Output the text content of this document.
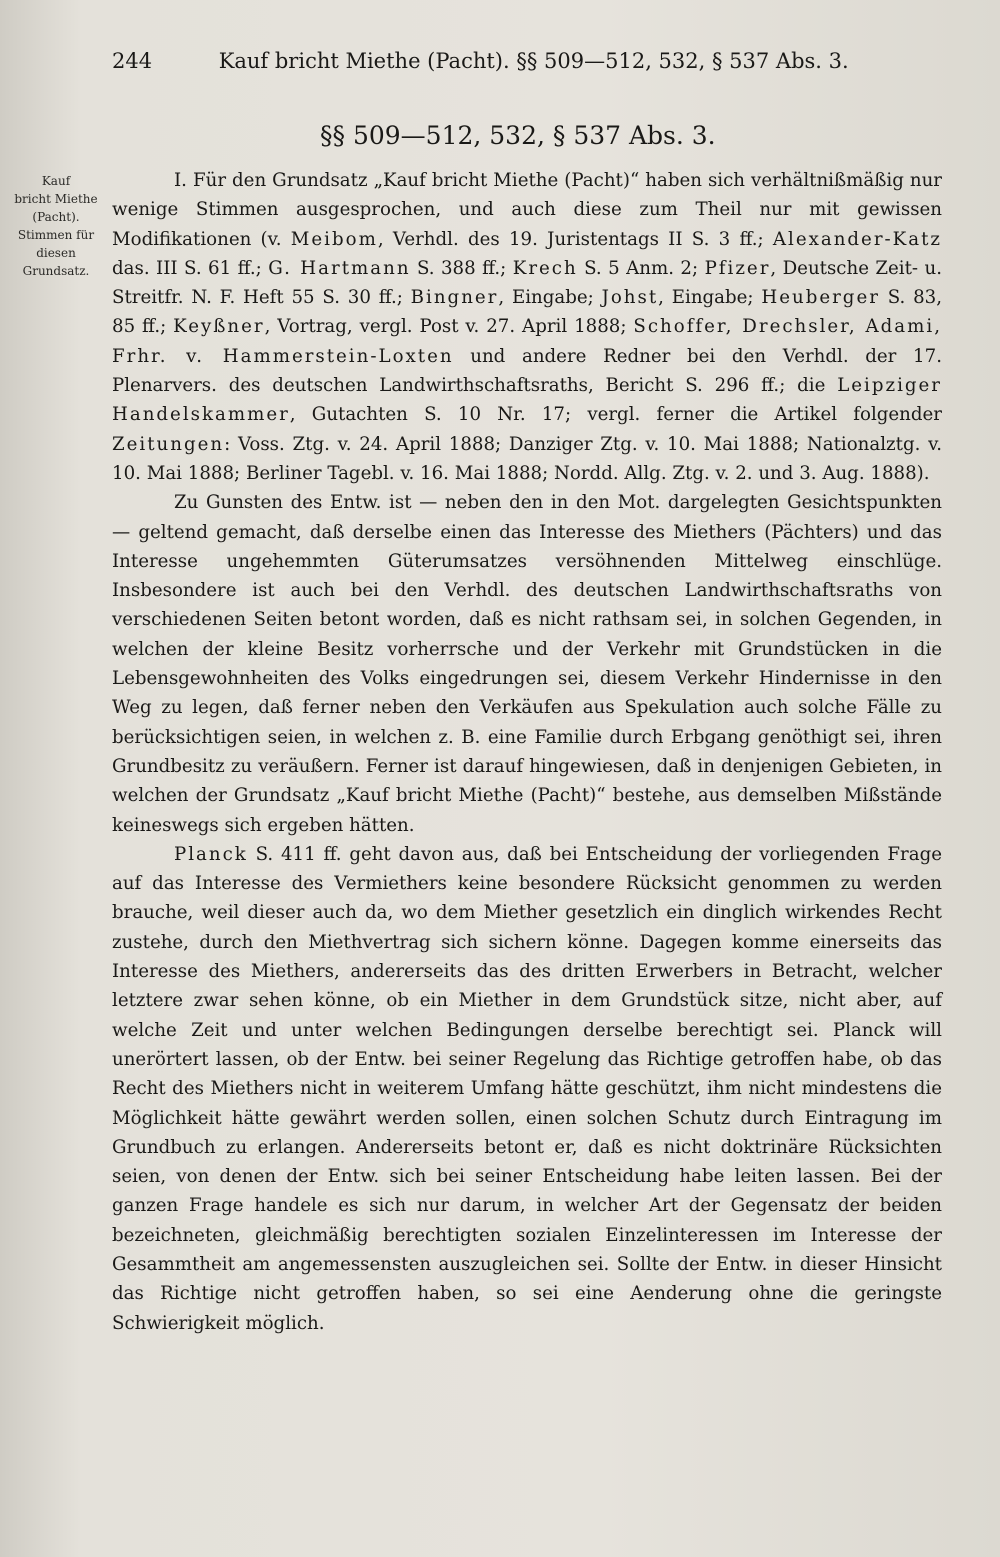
244	Kauf bricht Miethe (Pacht). §§ 509—512, 532, § 537 Abs. 3.
§§ 509—512, 532, § 537 Abs. 3.
Kauf
bricht Miethe
(Pacht).
Stimmen für
diesen
Grundsatz.

I. Für den Grundsatz „Kauf bricht Miethe (Pacht)“ haben sich verhältnißmäßig nur wenige Stimmen ausgesprochen, und auch diese zum Theil nur mit gewissen Modifikationen (v. Meibom, Verhdl. des 19. Juristentags II S. 3 ff.; Alexander-Katz das. III S. 61 ff.; G. Hartmann S. 388 ff.; Krech S. 5 Anm. 2; Pfizer, Deutsche Zeit- u. Streitfr. N. F. Heft 55 S. 30 ff.; Bingner, Eingabe; Johst, Eingabe; Heuberger S. 83, 85 ff.; Keyßner, Vortrag, vergl. Post v. 27. April 1888; Schoffer, Drechsler, Adami, Frhr. v. Hammerstein-Loxten und andere Redner bei den Verhdl. der 17. Plenarvers. des deutschen Landwirthschaftsraths, Bericht S. 296 ff.; die Leipziger Handelskammer, Gutachten S. 10 Nr. 17; vergl. ferner die Artikel folgender Zeitungen: Voss. Ztg. v. 24. April 1888; Danziger Ztg. v. 10. Mai 1888; Nationalztg. v. 10. Mai 1888; Berliner Tagebl. v. 16. Mai 1888; Nordd. Allg. Ztg. v. 2. und 3. Aug. 1888).

Zu Gunsten des Entw. ist — neben den in den Mot. dargelegten Gesichtspunkten — geltend gemacht, daß derselbe einen das Interesse des Miethers (Pächters) und das Interesse ungehemmten Güterumsatzes versöhnenden Mittelweg einschlüge. Insbesondere ist auch bei den Verhdl. des deutschen Landwirthschaftsraths von verschiedenen Seiten betont worden, daß es nicht rathsam sei, in solchen Gegenden, in welchen der kleine Besitz vorherrsche und der Verkehr mit Grundstücken in die Lebensgewohnheiten des Volks eingedrungen sei, diesem Verkehr Hindernisse in den Weg zu legen, daß ferner neben den Verkäufen aus Spekulation auch solche Fälle zu berücksichtigen seien, in welchen z. B. eine Familie durch Erbgang genöthigt sei, ihren Grundbesitz zu veräußern. Ferner ist darauf hingewiesen, daß in denjenigen Gebieten, in welchen der Grundsatz „Kauf bricht Miethe (Pacht)“ bestehe, aus demselben Mißstände keineswegs sich ergeben hätten.

Planck S. 411 ff. geht davon aus, daß bei Entscheidung der vorliegenden Frage auf das Interesse des Vermiethers keine besondere Rücksicht genommen zu werden brauche, weil dieser auch da, wo dem Miether gesetzlich ein dinglich wirkendes Recht zustehe, durch den Miethvertrag sich sichern könne. Dagegen komme einerseits das Interesse des Miethers, andererseits das des dritten Erwerbers in Betracht, welcher letztere zwar sehen könne, ob ein Miether in dem Grundstück sitze, nicht aber, auf welche Zeit und unter welchen Bedingungen derselbe berechtigt sei. Planck will unerörtert lassen, ob der Entw. bei seiner Regelung das Richtige getroffen habe, ob das Recht des Miethers nicht in weiterem Umfang hätte geschützt, ihm nicht mindestens die Möglichkeit hätte gewährt werden sollen, einen solchen Schutz durch Eintragung im Grundbuch zu erlangen. Andererseits betont er, daß es nicht doktrinäre Rücksichten seien, von denen der Entw. sich bei seiner Entscheidung habe leiten lassen. Bei der ganzen Frage handele es sich nur darum, in welcher Art der Gegensatz der beiden bezeichneten, gleichmäßig berechtigten sozialen Einzelinteressen im Interesse der Gesammtheit am angemessensten auszugleichen sei. Sollte der Entw. in dieser Hinsicht das Richtige nicht getroffen haben, so sei eine Aenderung ohne die geringste Schwierigkeit möglich.
